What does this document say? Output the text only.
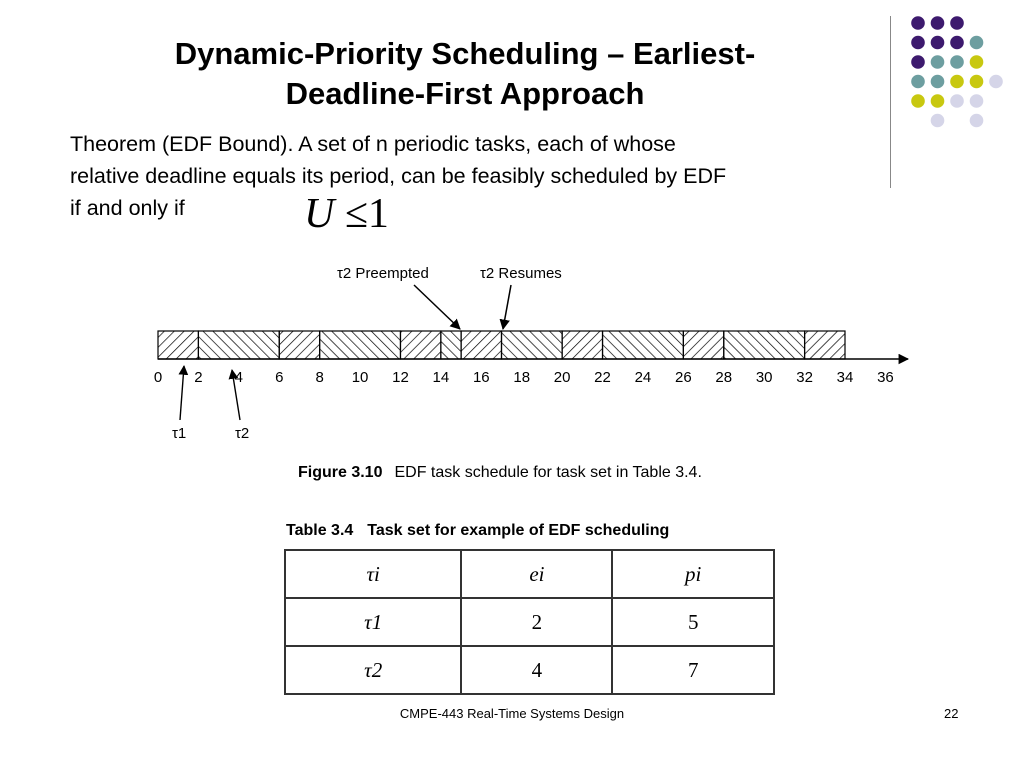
Dynamic-Priority Scheduling – Earliest-
Deadline-First Approach
Theorem (EDF Bound). A set of n periodic tasks, each of whose
relative deadline equals its period, can be feasibly scheduled by EDF
if and only if	U ≤1
0 2 4 6 8 10 12 14 16 18 20 22 24 26 28 30 32 34 36
τ2 Preempted	τ2 Resumes
τ1	τ2
Figure 3.10 EDF task schedule for task set in Table 3.4.
Table 3.4 Task set for example of EDF scheduling
τi	ei	pi
τ1	2	5
τ2	4	7
CMPE-443 Real-Time Systems Design	22
